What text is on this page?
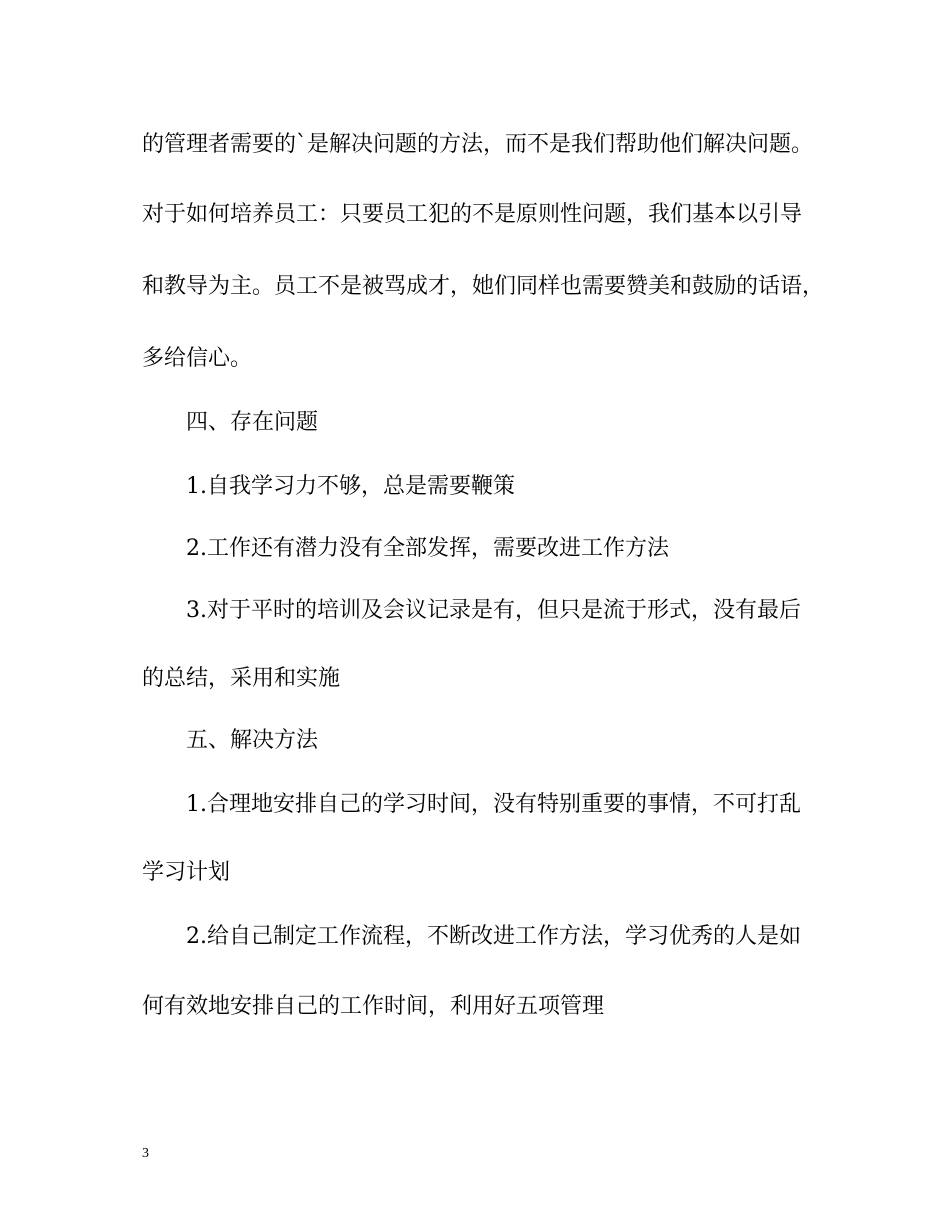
的管理者需要的`是解决问题的方法，而不是我们帮助他们解决问题。
对于如何培养员工：只要员工犯的不是原则性问题，我们基本以引导
和教导为主。员工不是被骂成才，她们同样也需要赞美和鼓励的话语，
多给信心。
四、存在问题
1.自我学习力不够，总是需要鞭策
2.工作还有潜力没有全部发挥，需要改进工作方法
3.对于平时的培训及会议记录是有，但只是流于形式，没有最后
的总结，采用和实施
五、解决方法
1.合理地安排自己的学习时间，没有特别重要的事情，不可打乱
学习计划
2.给自己制定工作流程，不断改进工作方法，学习优秀的人是如
何有效地安排自己的工作时间，利用好五项管理
3
